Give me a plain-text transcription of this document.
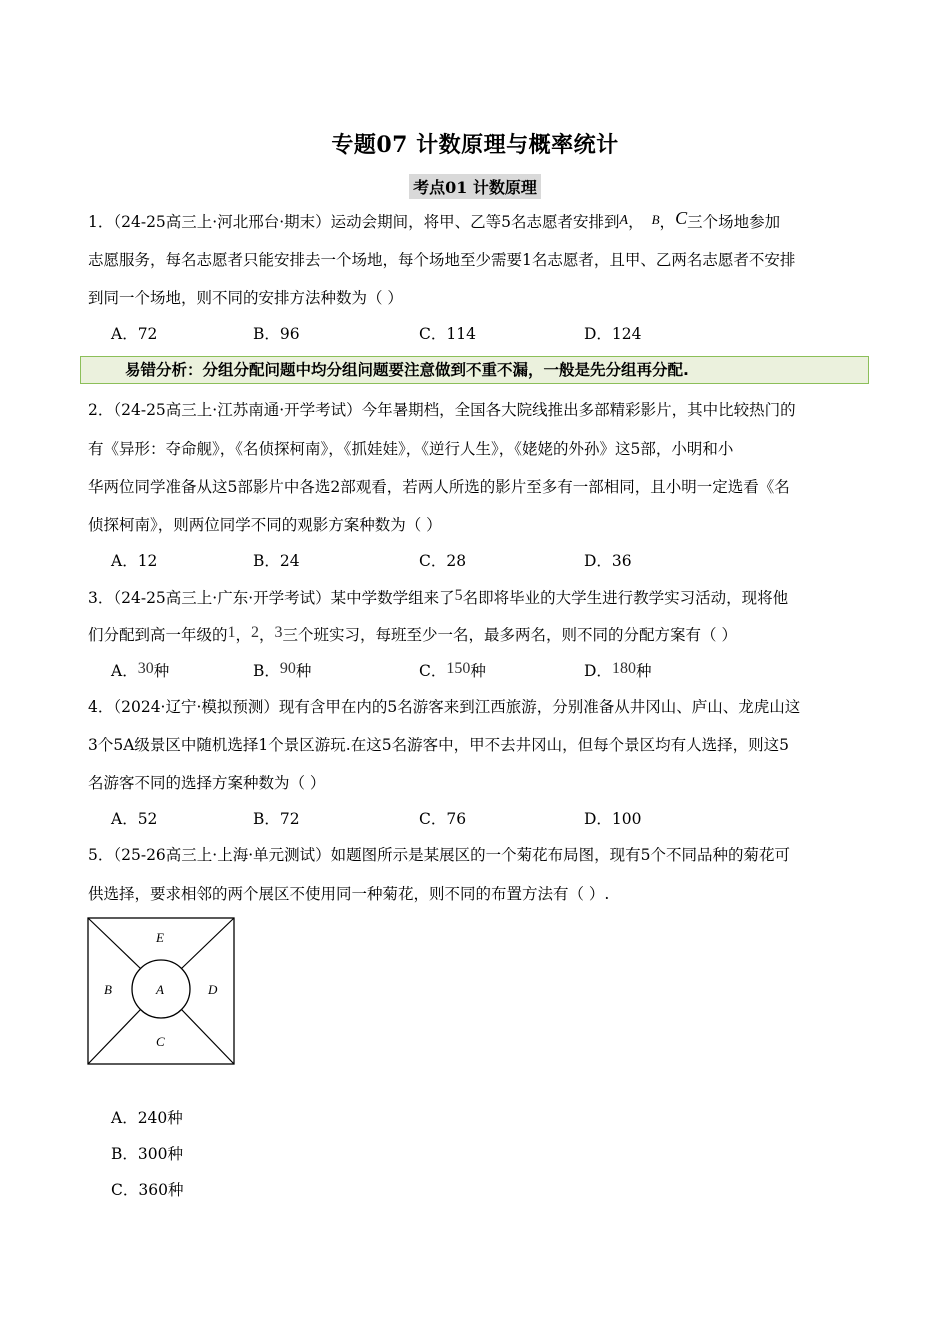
专题07 计数原理与概率统计
考点01 计数原理
1．（24-25高三上·河北邢台·期末）运动会期间，将甲、乙等5名志愿者安排到A， B，C三个场地参加
志愿服务，每名志愿者只能安排去一个场地，每个场地至少需要1名志愿者，且甲、乙两名志愿者不安排
到同一个场地，则不同的安排方法种数为（ ）
A．72	B．96	C．114	D．124
易错分析：分组分配问题中均分组问题要注意做到不重不漏，一般是先分组再分配.
2．（24-25高三上·江苏南通·开学考试）今年暑期档，全国各大院线推出多部精彩影片，其中比较热门的
有《异形：夺命舰》，《名侦探柯南》，《抓娃娃》，《逆行人生》，《姥姥的外孙》这5部，小明和小
华两位同学准备从这5部影片中各选2部观看，若两人所选的影片至多有一部相同，且小明一定选看《名
侦探柯南》，则两位同学不同的观影方案种数为（ ）
A．12	B．24	C．28	D．36
3．（24-25高三上·广东·开学考试）某中学数学组来了5名即将毕业的大学生进行教学实习活动，现将他
们分配到高一年级的1，2，3三个班实习，每班至少一名，最多两名，则不同的分配方案有（ ）
A．30种	B．90种	C．150种	D．180种
4．（2024·辽宁·模拟预测）现有含甲在内的5名游客来到江西旅游，分别准备从井冈山、庐山、龙虎山这
3个5A级景区中随机选择1个景区游玩.在这5名游客中，甲不去井冈山，但每个景区均有人选择，则这5
名游客不同的选择方案种数为（ ）
A．52	B．72	C．76	D．100
5．（25-26高三上·上海·单元测试）如题图所示是某展区的一个菊花布局图，现有5个不同品种的菊花可
供选择，要求相邻的两个展区不使用同一种菊花，则不同的布置方法有（ ）.
E
B	A	D
C
A．240种
B．300种
C．360种
